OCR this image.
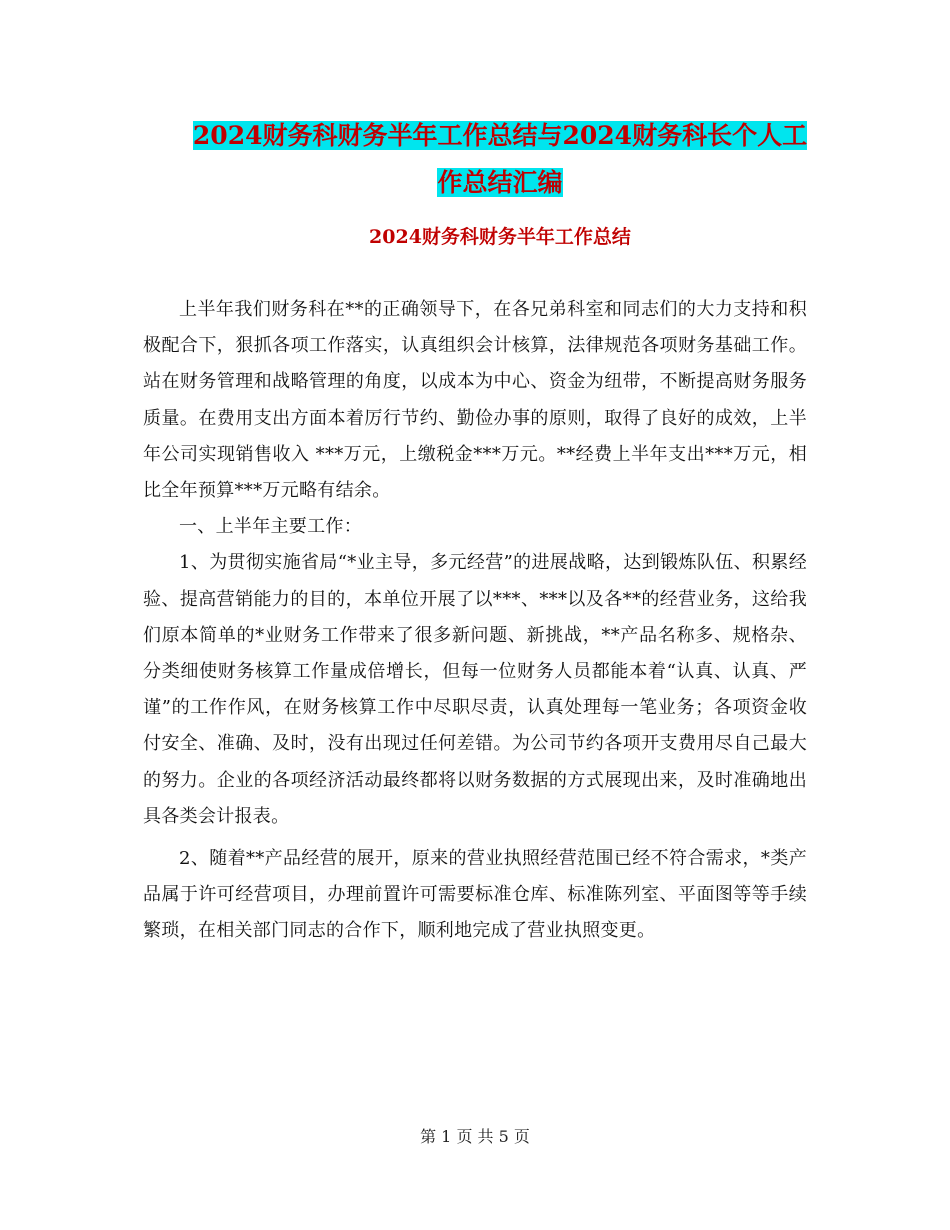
2024财务科财务半年工作总结与2024财务科长个人工
作总结汇编
2024财务科财务半年工作总结

上半年我们财务科在**的正确领导下，在各兄弟科室和同志们的大力支持和积极配合下，狠抓各项工作落实，认真组织会计核算，法律规范各项财务基础工作。站在财务管理和战略管理的角度，以成本为中心、资金为纽带，不断提高财务服务质量。在费用支出方面本着厉行节约、勤俭办事的原则，取得了良好的成效，上半年公司实现销售收入 ***万元，上缴税金***万元。**经费上半年支出***万元，相比全年预算***万元略有结余。

一、上半年主要工作：

1、为贯彻实施省局“*业主导，多元经营”的进展战略，达到锻炼队伍、积累经验、提高营销能力的目的，本单位开展了以***、***以及各**的经营业务，这给我们原本简单的*业财务工作带来了很多新问题、新挑战，**产品名称多、规格杂、分类细使财务核算工作量成倍增长，但每一位财务人员都能本着“认真、认真、严谨”的工作作风，在财务核算工作中尽职尽责，认真处理每一笔业务；各项资金收付安全、准确、及时，没有出现过任何差错。为公司节约各项开支费用尽自己最大的努力。企业的各项经济活动最终都将以财务数据的方式展现出来，及时准确地出具各类会计报表。

2、随着**产品经营的展开，原来的营业执照经营范围已经不符合需求，*类产品属于许可经营项目，办理前置许可需要标准仓库、标准陈列室、平面图等等手续繁琐，在相关部门同志的合作下，顺利地完成了营业执照变更。

第 1 页 共 5 页
